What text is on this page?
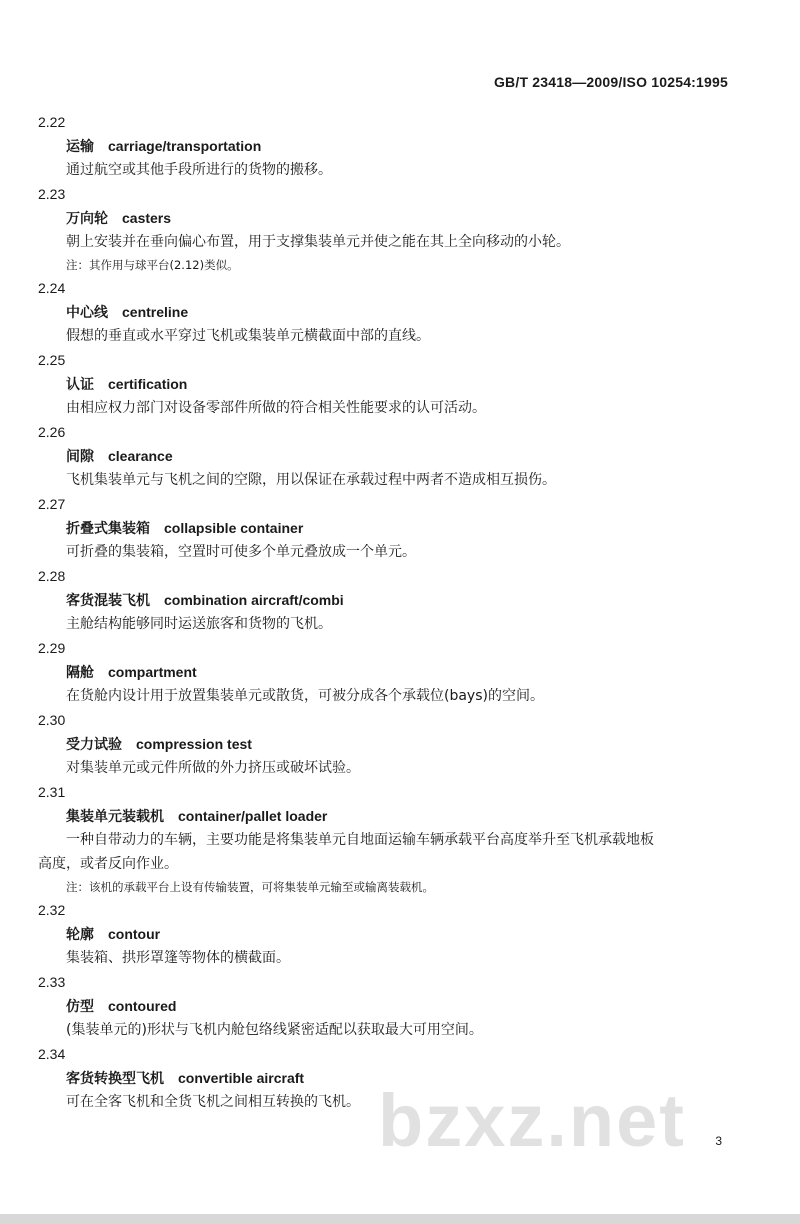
GB/T 23418—2009/ISO 10254:1995
2.22
运输 carriage/transportation
通过航空或其他手段所进行的货物的搬移。
2.23
万向轮 casters
朝上安装并在垂向偏心布置，用于支撑集装单元并使之能在其上全向移动的小轮。
注：其作用与球平台(2.12)类似。
2.24
中心线 centreline
假想的垂直或水平穿过飞机或集装单元横截面中部的直线。
2.25
认证 certification
由相应权力部门对设备零部件所做的符合相关性能要求的认可活动。
2.26
间隙 clearance
飞机集装单元与飞机之间的空隙，用以保证在承载过程中两者不造成相互损伤。
2.27
折叠式集装箱 collapsible container
可折叠的集装箱，空置时可使多个单元叠放成一个单元。
2.28
客货混装飞机 combination aircraft/combi
主舱结构能够同时运送旅客和货物的飞机。
2.29
隔舱 compartment
在货舱内设计用于放置集装单元或散货，可被分成各个承载位(bays)的空间。
2.30
受力试验 compression test
对集装单元或元件所做的外力挤压或破坏试验。
2.31
集装单元装载机 container/pallet loader
一种自带动力的车辆，主要功能是将集装单元自地面运输车辆承载平台高度举升至飞机承载地板
高度，或者反向作业。
注：该机的承载平台上设有传输装置，可将集装单元输至或输离装载机。
2.32
轮廓 contour
集装箱、拱形罩篷等物体的横截面。
2.33
仿型 contoured
(集装单元的)形状与飞机内舱包络线紧密适配以获取最大可用空间。
2.34
客货转换型飞机 convertible aircraft
可在全客飞机和全货飞机之间相互转换的飞机。 bzxz.net 3
